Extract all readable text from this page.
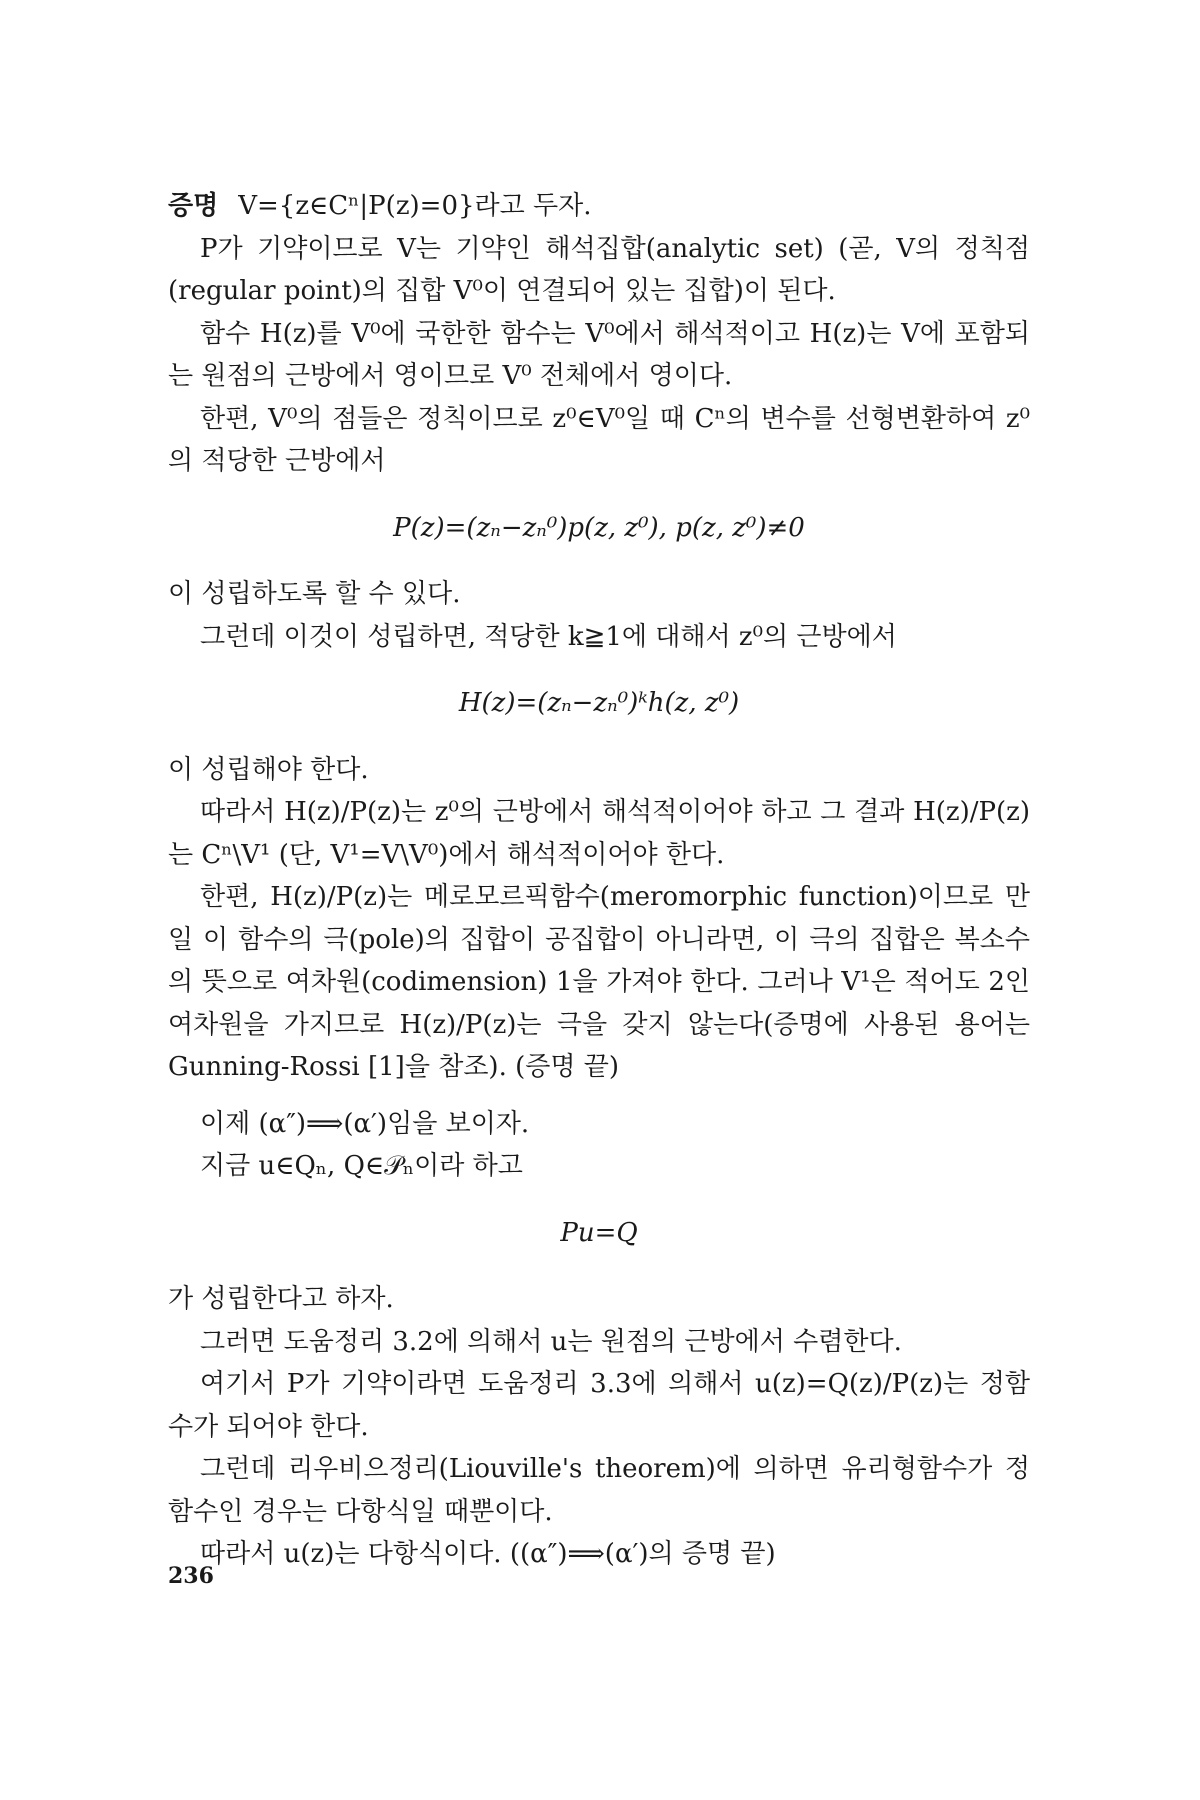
증명 V={z∈Cⁿ|P(z)=0}라고 두자.

P가 기약이므로 V는 기약인 해석집합(analytic set) (곧, V의 정칙점(regular point)의 집합 V⁰이 연결되어 있는 집합)이 된다.

함수 H(z)를 V⁰에 국한한 함수는 V⁰에서 해석적이고 H(z)는 V에 포함되는 원점의 근방에서 영이므로 V⁰ 전체에서 영이다.

한편, V⁰의 점들은 정칙이므로 z⁰∈V⁰일 때 Cⁿ의 변수를 선형변환하여 z⁰의 적당한 근방에서

P(z)=(zₙ−zₙ⁰)p(z, z⁰), p(z, z⁰)≠0

이 성립하도록 할 수 있다.

그런데 이것이 성립하면, 적당한 k≧1에 대해서 z⁰의 근방에서

H(z)=(zₙ−zₙ⁰)ᵏh(z, z⁰)

이 성립해야 한다.

따라서 H(z)/P(z)는 z⁰의 근방에서 해석적이어야 하고 그 결과 H(z)/P(z)는 Cⁿ\V¹ (단, V¹=V\V⁰)에서 해석적이어야 한다.

한편, H(z)/P(z)는 메로모르픽함수(meromorphic function)이므로 만일 이 함수의 극(pole)의 집합이 공집합이 아니라면, 이 극의 집합은 복소수의 뜻으로 여차원(codimension) 1을 가져야 한다. 그러나 V¹은 적어도 2인 여차원을 가지므로 H(z)/P(z)는 극을 갖지 않는다(증명에 사용된 용어는 Gunning-Rossi [1]을 참조). (증명 끝)

이제 (α″)⟹(α′)임을 보이자.

지금 u∈Qₙ, Q∈𝒫ₙ이라 하고

Pu=Q

가 성립한다고 하자.

그러면 도움정리 3.2에 의해서 u는 원점의 근방에서 수렴한다.

여기서 P가 기약이라면 도움정리 3.3에 의해서 u(z)=Q(z)/P(z)는 정함수가 되어야 한다.

그런데 리우비으정리(Liouville's theorem)에 의하면 유리형함수가 정함수인 경우는 다항식일 때뿐이다.

따라서 u(z)는 다항식이다. ((α″)⟹(α′)의 증명 끝)

236
